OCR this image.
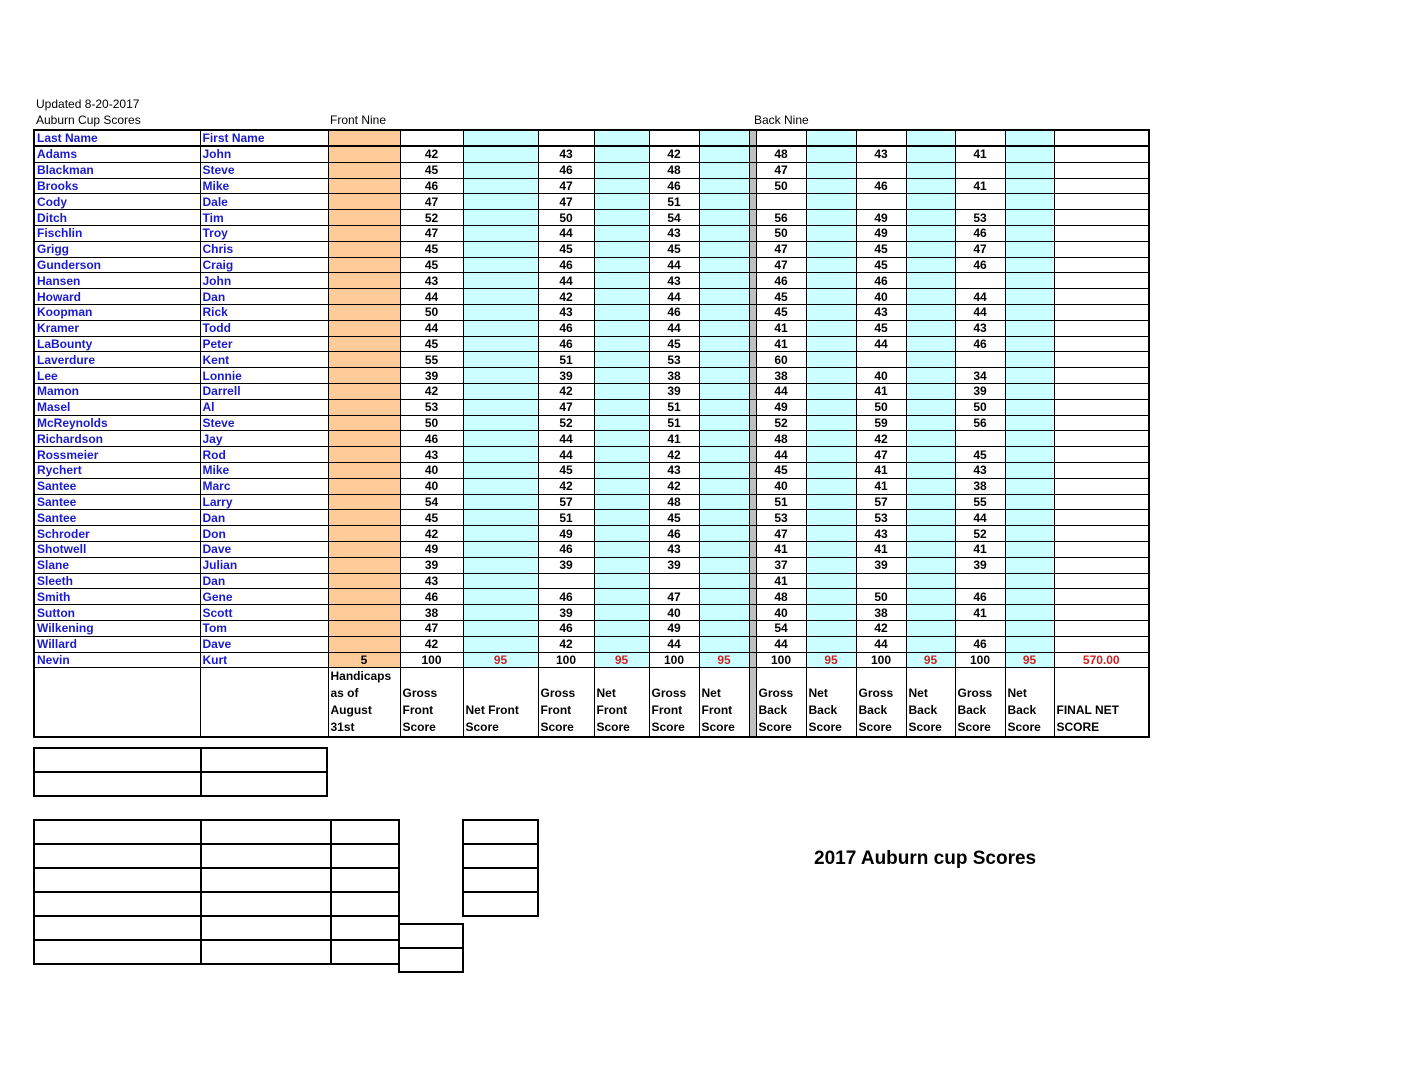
Updated 8-20-2017
Auburn Cup Scores	Front Nine	Back Nine
Last Name	First Name															
Adams	John		42		43		42			48		43		41		
Blackman	Steve		45		46		48			47						
Brooks	Mike		46		47		46			50		46		41		
Cody	Dale		47		47		51									
Ditch	Tim		52		50		54			56		49		53		
Fischlin	Troy		47		44		43			50		49		46		
Grigg	Chris		45		45		45			47		45		47		
Gunderson	Craig		45		46		44			47		45		46		
Hansen	John		43		44		43			46		46				
Howard	Dan		44		42		44			45		40		44		
Koopman	Rick		50		43		46			45		43		44		
Kramer	Todd		44		46		44			41		45		43		
LaBounty	Peter		45		46		45			41		44		46		
Laverdure	Kent		55		51		53			60						
Lee	Lonnie		39		39		38			38		40		34		
Mamon	Darrell		42		42		39			44		41		39		
Masel	Al		53		47		51			49		50		50		
McReynolds	Steve		50		52		51			52		59		56		
Richardson	Jay		46		44		41			48		42				
Rossmeier	Rod		43		44		42			44		47		45		
Rychert	Mike		40		45		43			45		41		43		
Santee	Marc		40		42		42			40		41		38		
Santee	Larry		54		57		48			51		57		55		
Santee	Dan		45		51		45			53		53		44		
Schroder	Don		42		49		46			47		43		52		
Shotwell	Dave		49		46		43			41		41		41		
Slane	Julian		39		39		39			37		39		39		
Sleeth	Dan		43							41						
Smith	Gene		46		46		47			48		50		46		
Sutton	Scott		38		39		40			40		38		41		
Wilkening	Tom		47		46		49			54		42				
Willard	Dave		42		42		44			44		44		46		
Nevin	Kurt	5	100	95	100	95	100	95		100	95	100	95	100	95	570.00
		Handicaps as of August 31st	Gross Front Score	Net Front Score	Gross Front Score	Net Front Score	Gross Front Score	Net Front Score		Gross Back Score	Net Back Score	Gross Back Score	Net Back Score	Gross Back Score	Net Back Score	FINAL NET SCORE

2017 Auburn cup Scores
